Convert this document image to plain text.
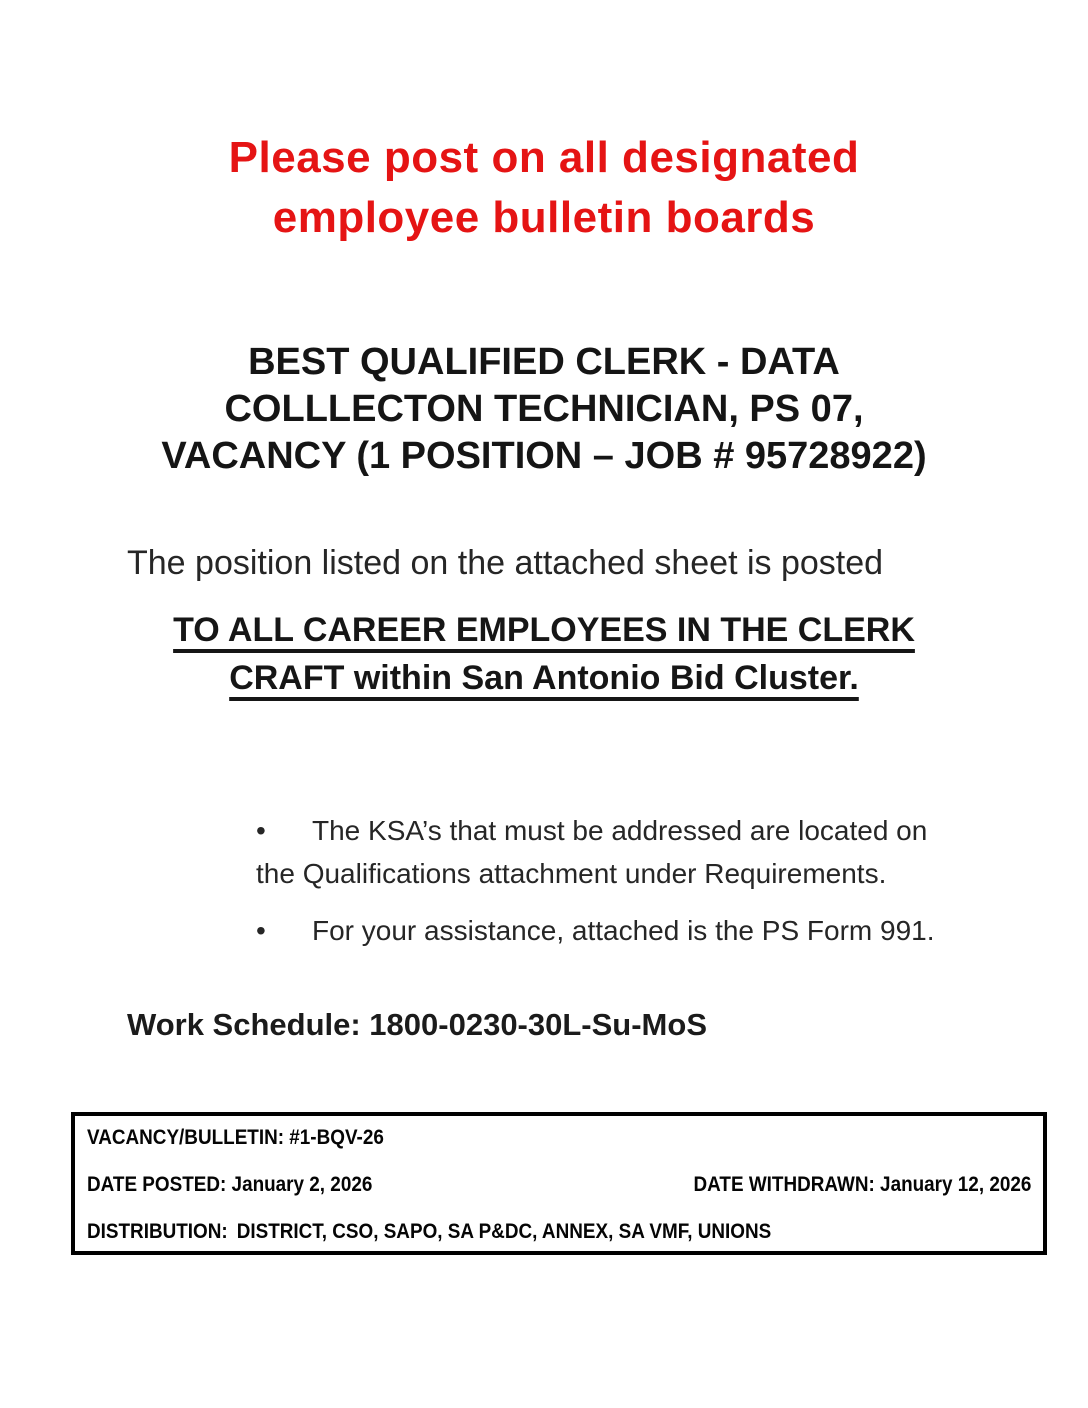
Please post on all designated
employee bulletin boards
BEST QUALIFIED CLERK - DATA
COLLLECTON TECHNICIAN, PS 07,
VACANCY (1 POSITION – JOB # 95728922)
The position listed on the attached sheet is posted
TO ALL CAREER EMPLOYEES IN THE CLERK
CRAFT within San Antonio Bid Cluster.
• The KSA’s that must be addressed are located on
the Qualifications attachment under Requirements.
• For your assistance, attached is the PS Form 991.
Work Schedule: 1800-0230-30L-Su-MoS
VACANCY/BULLETIN: #1-BQV-26
DATE POSTED: January 2, 2026	DATE WITHDRAWN: January 12, 2026
DISTRIBUTION: DISTRICT, CSO, SAPO, SA P&DC, ANNEX, SA VMF, UNIONS
